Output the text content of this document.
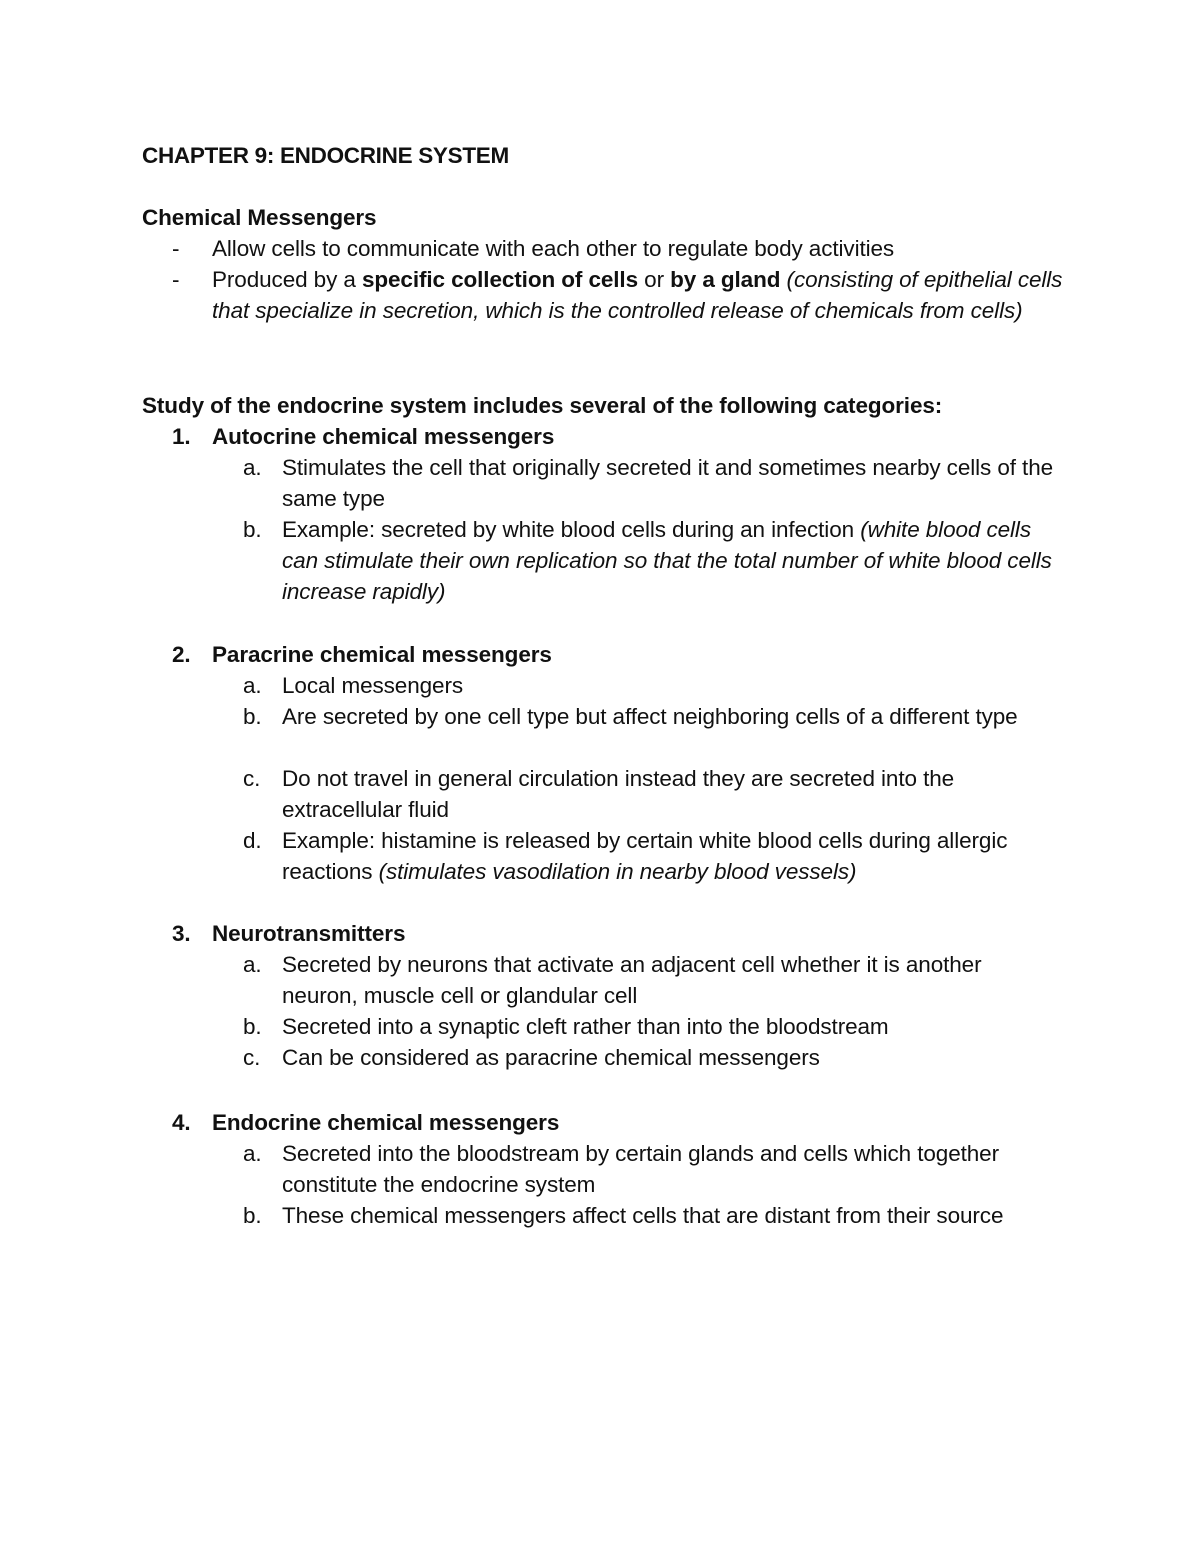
CHAPTER 9: ENDOCRINE SYSTEM
Chemical Messengers
- Allow cells to communicate with each other to regulate body activities
- Produced by a specific collection of cells or by a gland (consisting of epithelial cells that specialize in secretion, which is the controlled release of chemicals from cells)
Study of the endocrine system includes several of the following categories:
1. Autocrine chemical messengers
a. Stimulates the cell that originally secreted it and sometimes nearby cells of the same type
b. Example: secreted by white blood cells during an infection (white blood cells can stimulate their own replication so that the total number of white blood cells increase rapidly)
2. Paracrine chemical messengers
a. Local messengers
b. Are secreted by one cell type but affect neighboring cells of a different type
c. Do not travel in general circulation instead they are secreted into the extracellular fluid
d. Example: histamine is released by certain white blood cells during allergic reactions (stimulates vasodilation in nearby blood vessels)
3. Neurotransmitters
a. Secreted by neurons that activate an adjacent cell whether it is another neuron, muscle cell or glandular cell
b. Secreted into a synaptic cleft rather than into the bloodstream
c. Can be considered as paracrine chemical messengers
4. Endocrine chemical messengers
a. Secreted into the bloodstream by certain glands and cells which together constitute the endocrine system
b. These chemical messengers affect cells that are distant from their source
